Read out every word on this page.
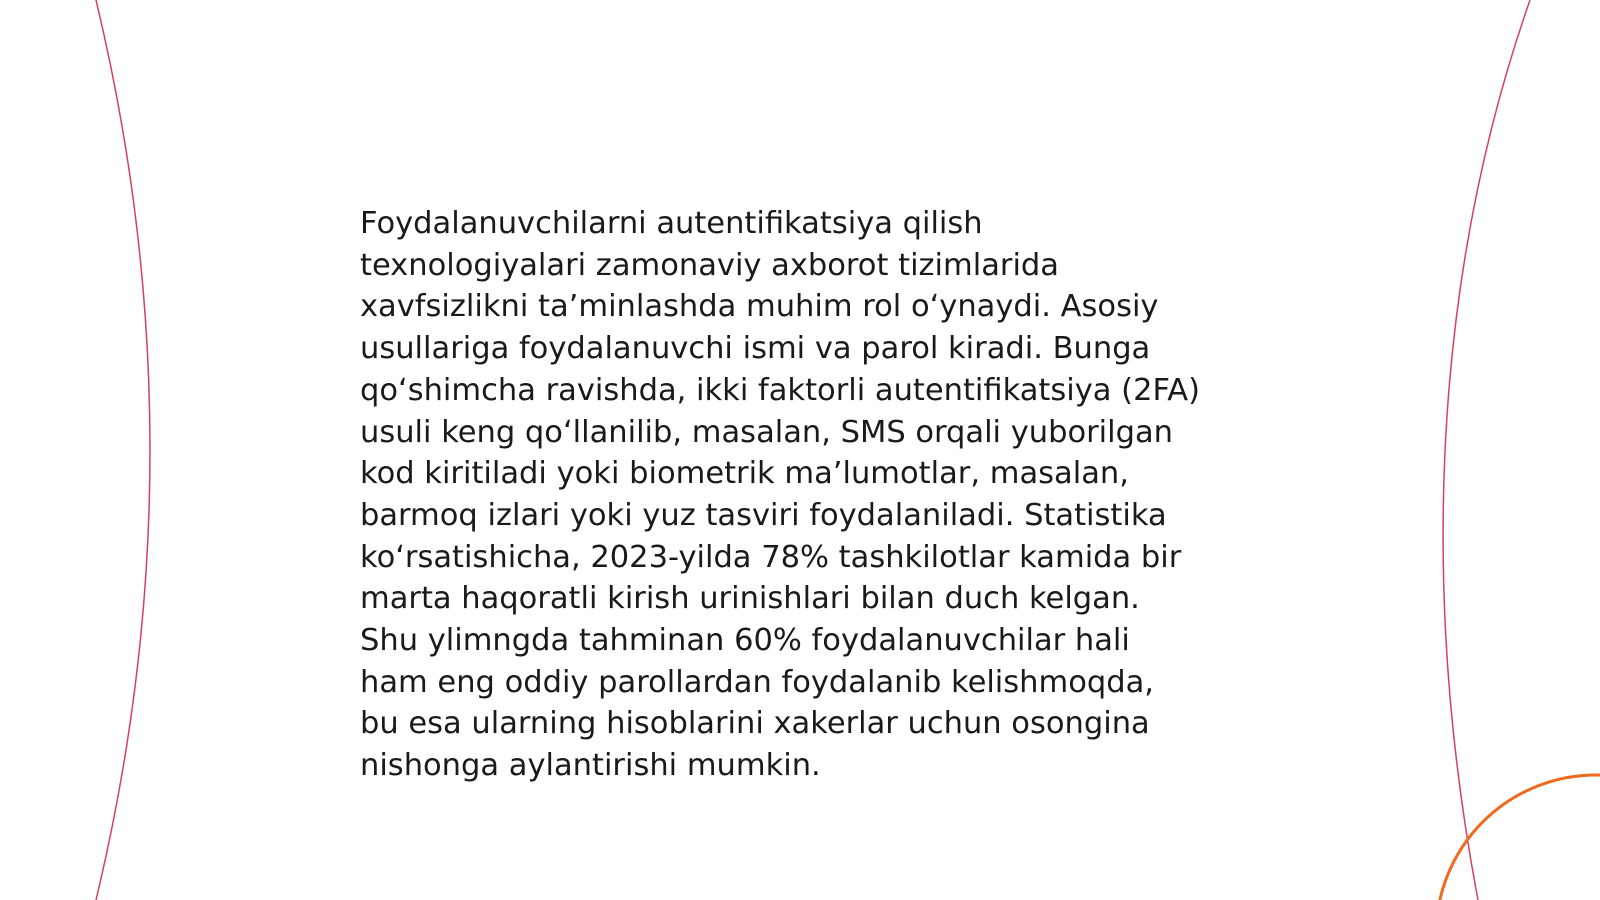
Foydalanuvchilarni autentifikatsiya qilish
texnologiyalari zamonaviy axborot tizimlarida
xavfsizlikni ta’minlashda muhim rol o‘ynaydi. Asosiy
usullariga foydalanuvchi ismi va parol kiradi. Bunga
qo‘shimcha ravishda, ikki faktorli autentifikatsiya (2FA)
usuli keng qo‘llanilib, masalan, SMS orqali yuborilgan
kod kiritiladi yoki biometrik ma’lumotlar, masalan,
barmoq izlari yoki yuz tasviri foydalaniladi. Statistika
ko‘rsatishicha, 2023-yilda 78% tashkilotlar kamida bir
marta haqoratli kirish urinishlari bilan duch kelgan.
Shu ylimngda tahminan 60% foydalanuvchilar hali
ham eng oddiy parollardan foydalanib kelishmoqda,
bu esa ularning hisoblarini xakerlar uchun osongina
nishonga aylantirishi mumkin.
